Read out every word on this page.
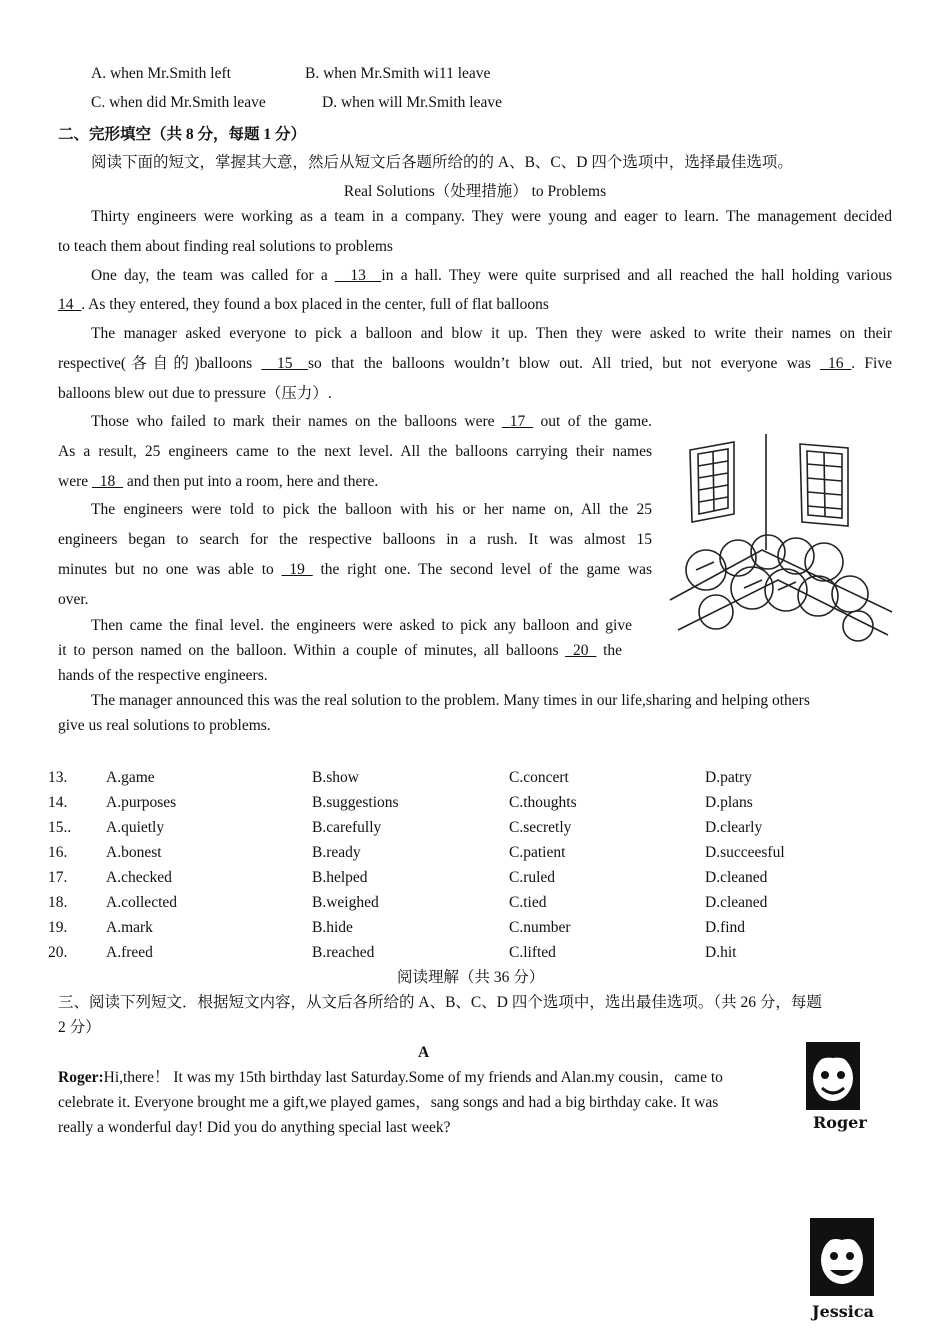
A. when Mr.Smith left	B. when Mr.Smith wi11 leave
C. when did Mr.Smith leave	D. when will Mr.Smith leave
二、完形填空（共 8 分，每题 1 分）
阅读下面的短文，掌握其大意，然后从短文后各题所给的的 A、B、C、D 四个选项中，选择最佳选项。
Real Solutions（处理措施） to Problems
Thirty engineers were working as a team in a company. They were young and eager to learn. The management decided
to teach them about finding real solutions to problems
One day, the team was called for a __13__in a hall. They were quite surprised and all reached the hall holding various
14_. As they entered, they found a box placed in the center, full of flat balloons
The manager asked everyone to pick a balloon and blow it up. Then they were asked to write their names on their
respective(各自的)balloons __15__so that the balloons wouldn’t blow out. All tried, but not everyone was _16_. Five
balloons blew out due to pressure（压力）.
Those who failed to mark their names on the balloons were _17_ out of the game.
As a result, 25 engineers came to the next level. All the balloons carrying their names
were _18_ and then put into a room, here and there.
The engineers were told to pick the balloon with his or her name on, All the 25
engineers began to search for the respective balloons in a rush. It was almost 15
minutes but no one was able to _19_ the right one. The second level of the game was
over.
Then came the final level. the engineers were asked to pick any balloon and give
it to person named on the balloon. Within a couple of minutes, all balloons _20_ the
hands of the respective engineers.
The manager announced this was the real solution to the problem. Many times in our life,sharing and helping others
give us real solutions to problems.
13. A.game	B.show	C.concert	D.patry
14. A.purposes	B.suggestions	C.thoughts	D.plans
15.. A.quietly	B.carefully	C.secretly	D.clearly
16. A.bonest	B.ready	C.patient	D.succeesful
17. A.checked	B.helped	C.ruled	D.cleaned
18. A.collected	B.weighed	C.tied	D.cleaned
19. A.mark	B.hide	C.number	D.find
20. A.freed	B.reached	C.lifted	D.hit
阅读理解（共 36 分）
三、阅读下列短文．根据短文内容，从文后各所给的 A、B、C、D 四个选项中，选出最佳选项。（共 26 分，每题
2 分）
A
Roger:Hi,there！ It was my 15th birthday last Saturday.Some of my friends and Alan.my cousin，came to
celebrate it. Everyone brought me a gift,we played games，sang songs and had a big birthday cake. It was
really a wonderful day! Did you do anything special last week?	Roger
Jessica
